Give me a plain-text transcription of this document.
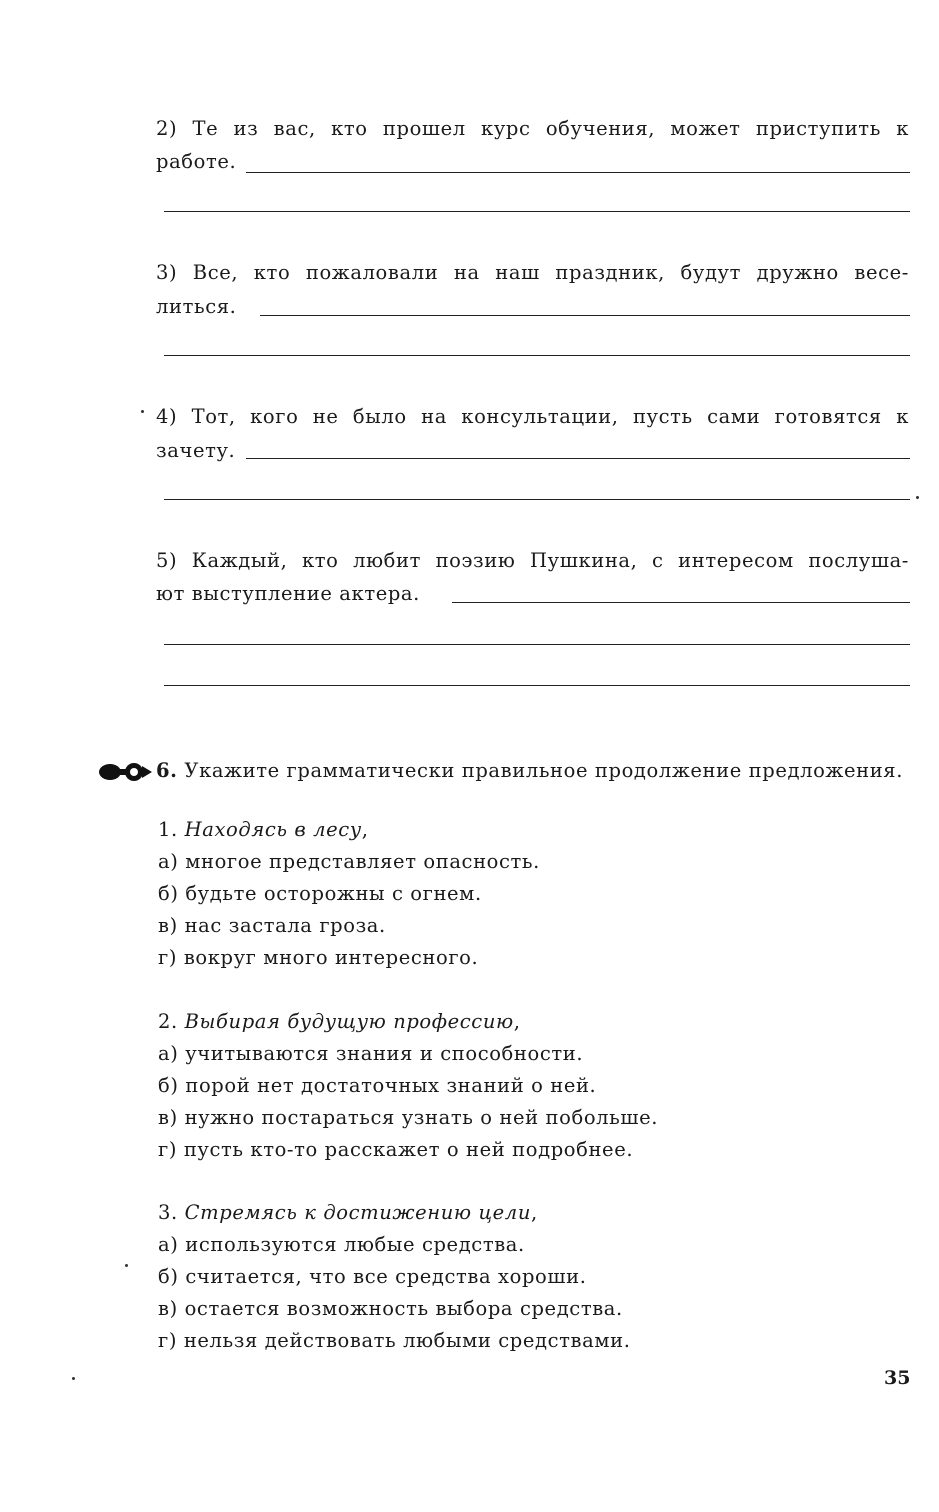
2) Те из вас, кто прошел курс обучения, может приступить к
работе.
3) Все, кто пожаловали на наш праздник, будут дружно весе-
литься.
4) Тот, кого не было на консультации, пусть сами готовятся к
зачету.
5) Каждый, кто любит поэзию Пушкина, с интересом послуша-
ют выступление актера.
6. Укажите грамматически правильное продолжение предложения.
1. Находясь в лесу,
а) многое представляет опасность.
б) будьте осторожны с огнем.
в) нас застала гроза.
г) вокруг много интересного.
2. Выбирая будущую профессию,
а) учитываются знания и способности.
б) порой нет достаточных знаний о ней.
в) нужно постараться узнать о ней побольше.
г) пусть кто-то расскажет о ней подробнее.
3. Стремясь к достижению цели,
а) используются любые средства.
б) считается, что все средства хороши.
в) остается возможность выбора средства.
г) нельзя действовать любыми средствами.
35
